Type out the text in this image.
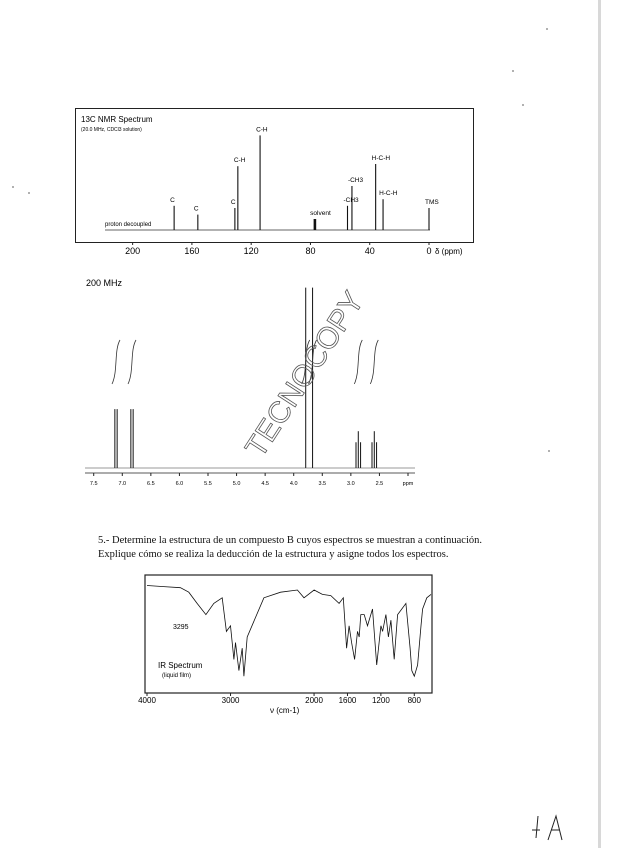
13C NMR Spectrum
(20.0 MHz, CDCl3 solution)
proton decoupled
C
C
C
C-H
C-H
solvent
-CH3
-CH3
H-C-H
H-C-H
TMS
200	160	120	80	40	0 δ (ppm)
200 MHz
7.5	7.0	6.5	6.0	5.5	5.0	4.5	4.0	3.5	3.0	2.5	ppm
TECNOCOPY

5.- Determine la estructura de un compuesto B cuyos espectros se muestran a continuación.

Explique cómo se realiza la deducción de la estructura y asigne todos los espectros.

3295
IR Spectrum
(liquid film)
4000	3000	2000 1600 1200 800
ν (cm-1)
